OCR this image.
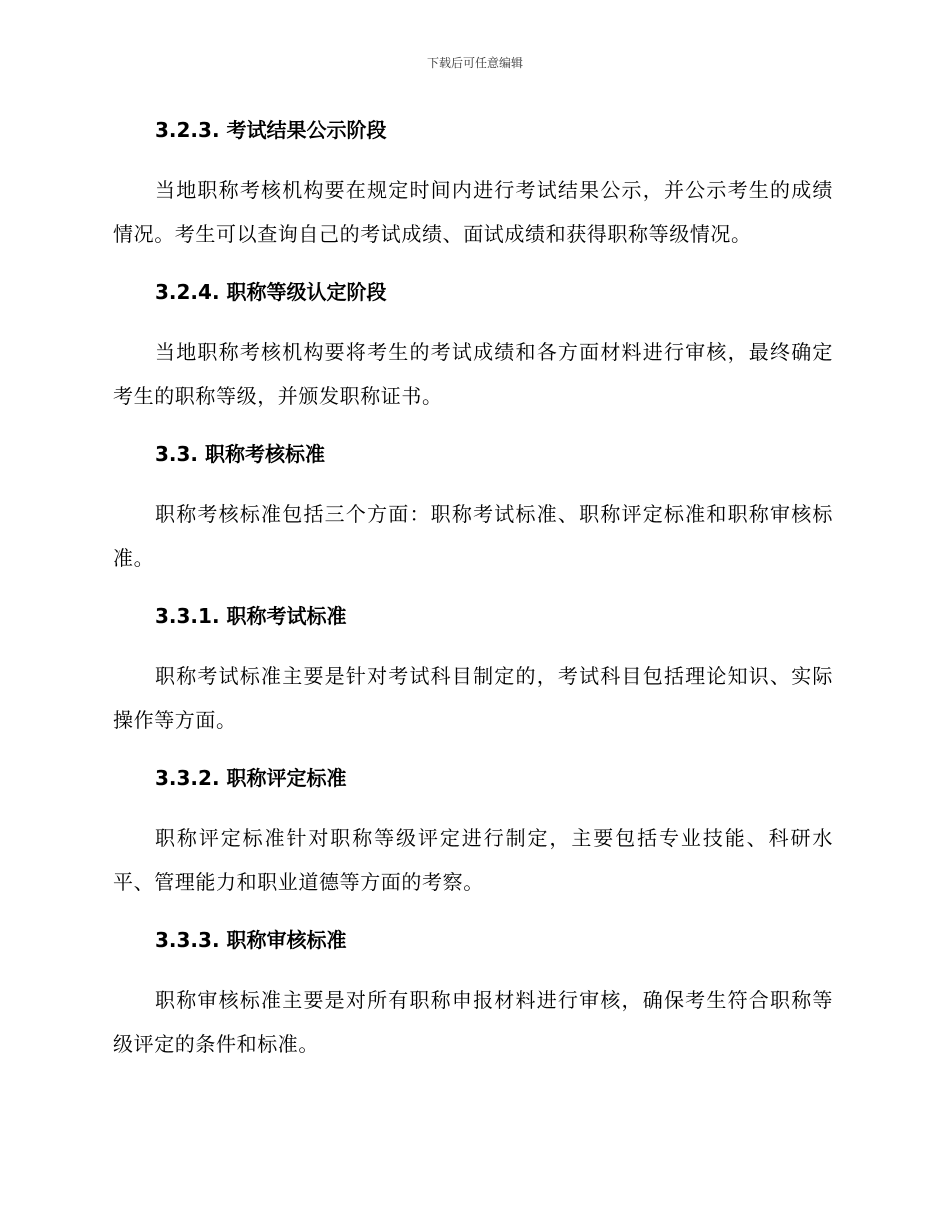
下载后可任意编辑
3.2.3. 考试结果公示阶段

当地职称考核机构要在规定时间内进行考试结果公示，并公示考生的成绩情况。考生可以查询自己的考试成绩、面试成绩和获得职称等级情况。

3.2.4. 职称等级认定阶段

当地职称考核机构要将考生的考试成绩和各方面材料进行审核，最终确定考生的职称等级，并颁发职称证书。

3.3. 职称考核标准

职称考核标准包括三个方面：职称考试标准、职称评定标准和职称审核标准。

3.3.1. 职称考试标准

职称考试标准主要是针对考试科目制定的，考试科目包括理论知识、实际操作等方面。

3.3.2. 职称评定标准

职称评定标准针对职称等级评定进行制定，主要包括专业技能、科研水平、管理能力和职业道德等方面的考察。

3.3.3. 职称审核标准

职称审核标准主要是对所有职称申报材料进行审核，确保考生符合职称等级评定的条件和标准。
